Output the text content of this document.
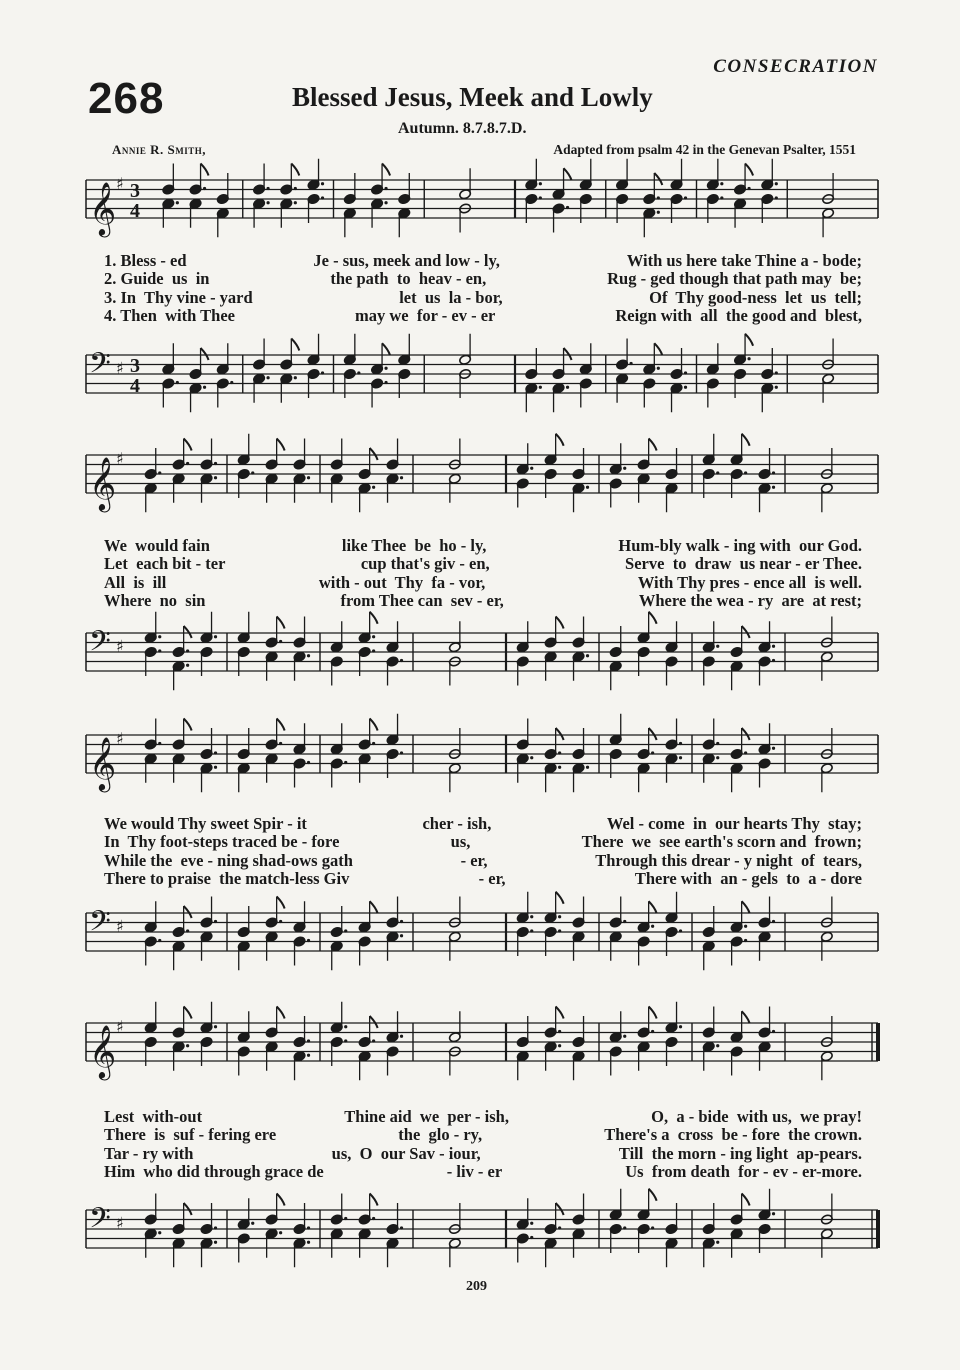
268
CONSECRATION
Blessed Jesus, Meek and Lowly
Autumn. 8.7.8.7.D.
Annie R. Smith,	Adapted from psalm 42 in the Genevan Psalter, 1551
𝄞 ♯ 3
4
1. Bless - ed	Je - sus, meek and low - ly,	With us here take Thine a - bode;
2. Guide  us  in	the path  to  heav - en,	Rug - ged though that path may  be;
3. In  Thy vine - yard	let  us  la - bor,	Of  Thy good-ness  let  us  tell;
4. Then  with Thee	may we  for - ev - er	Reign with  all  the good and  blest,
𝄢 ♯ 3
4
𝄞 ♯
We  would fain	like Thee  be  ho - ly,	Hum-bly walk - ing with  our God.
Let  each bit - ter	cup that's giv - en,	Serve  to  draw  us near - er Thee.
All  is  ill	with - out  Thy  fa - vor,	With Thy pres - ence all  is well.
Where  no  sin	from Thee can  sev - er,	Where the wea - ry  are  at rest;
𝄢 ♯
𝄞 ♯
We would Thy sweet Spir - it	cher - ish,	Wel - come  in  our hearts Thy  stay;
In  Thy foot-steps traced be - fore	us,	There  we  see earth's scorn and  frown;
While the  eve - ning shad-ows gath	- er,	Through this drear - y night  of  tears,
There to praise  the match-less Giv	- er,	There with  an - gels  to  a - dore
𝄢 ♯
𝄞 ♯
Lest  with-out	Thine aid  we  per - ish,	O,  a - bide  with us,  we pray!
There  is  suf - fering ere	the  glo - ry,	There's a  cross  be - fore  the crown.
Tar - ry with	us,  O  our Sav - iour,	Till  the morn - ing light  ap-pears.
Him  who did through grace de	- liv - er	Us  from death  for - ev - er-more.
𝄢 ♯
209
